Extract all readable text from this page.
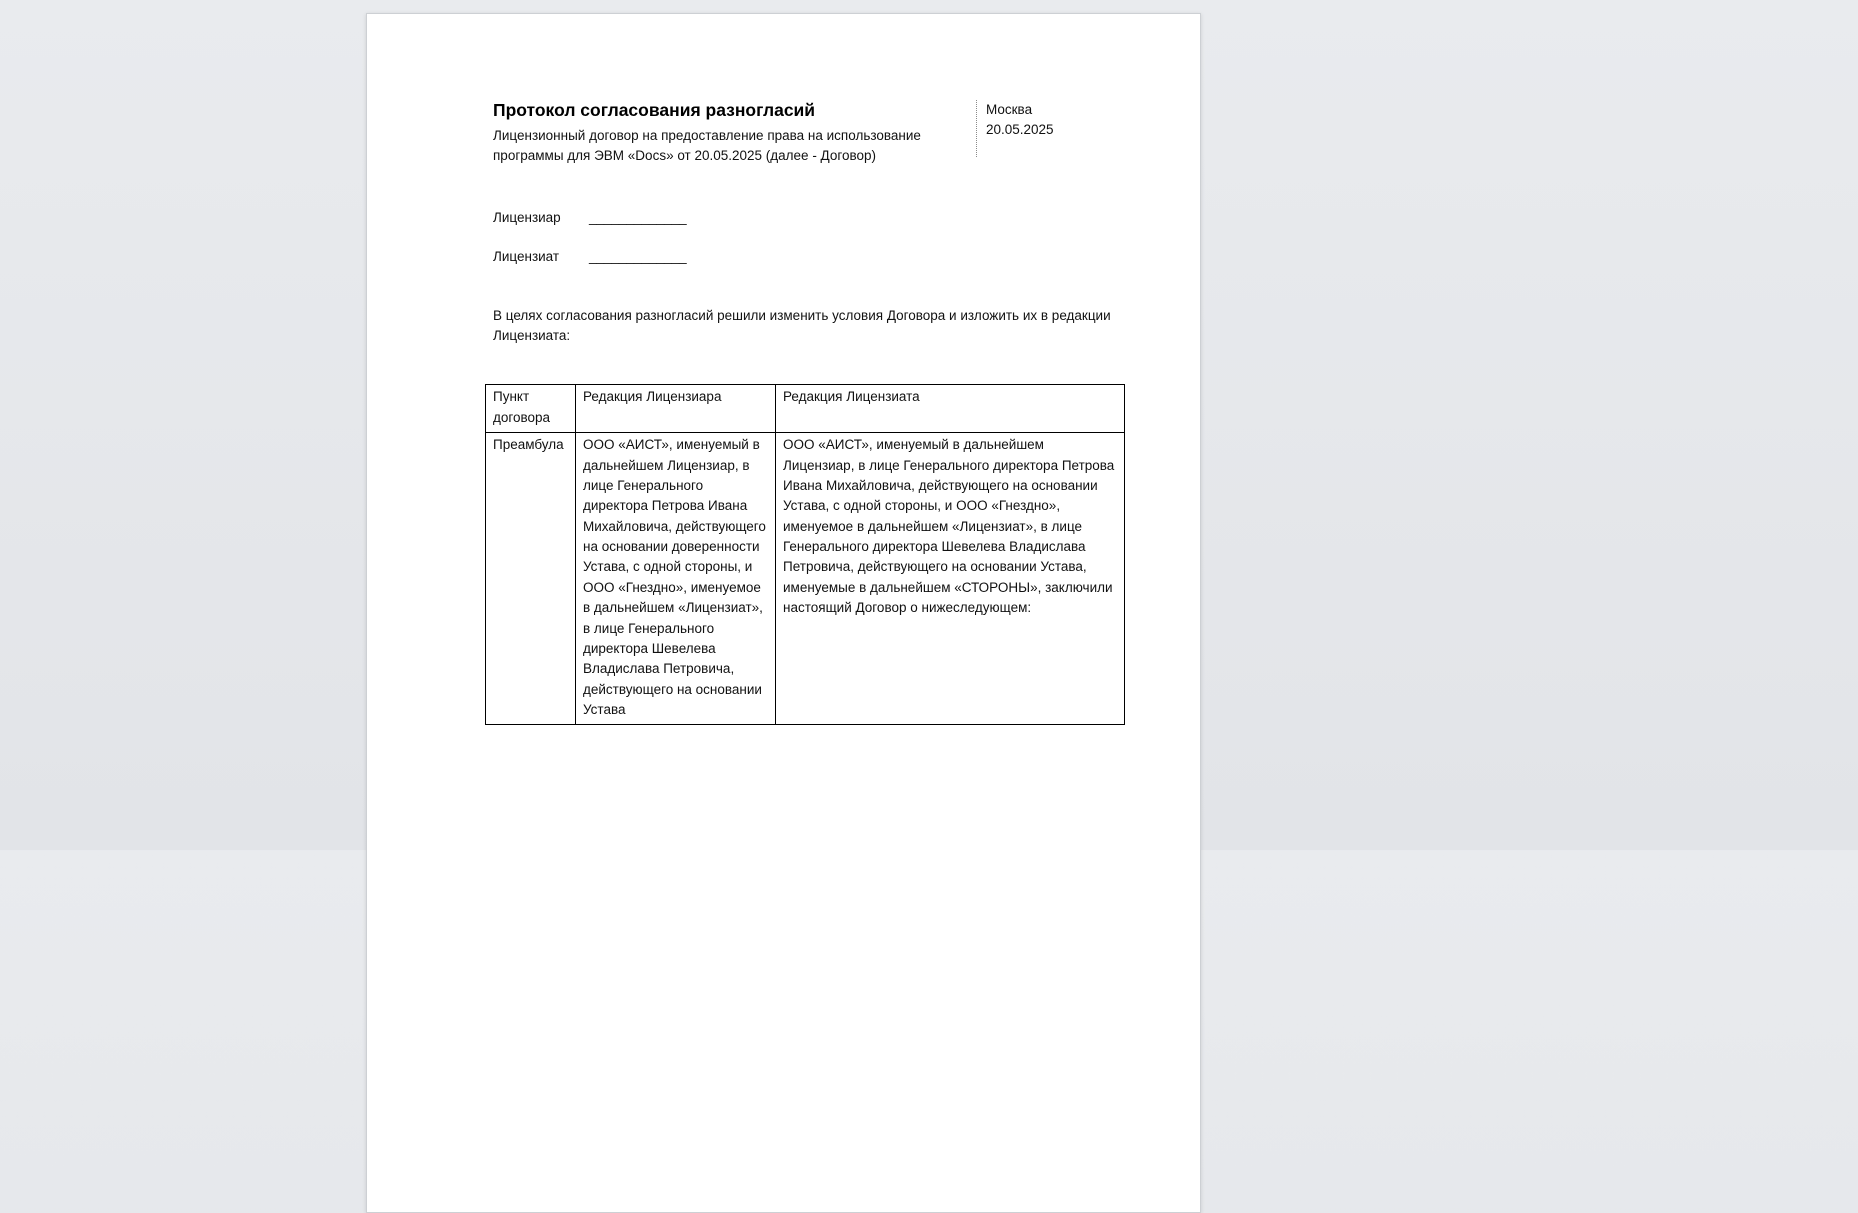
Протокол согласования разногласий

Лицензионный договор на предоставление права на использование программы для ЭВМ «Docs» от 20.05.2025 (далее - Договор)

Москва
20.05.2025
Лицензиар _____________
Лицензиат _____________

В целях согласования разногласий решили изменить условия Договора и изложить их в редакции Лицензиата:

Пункт договора	Редакция Лицензиара	Редакция Лицензиата
Преамбула	ООО «АИСТ», именуемый в дальнейшем Лицензиар, в лице Генерального директора Петрова Ивана Михайловича, действующего на основании доверенности Устава, с одной стороны, и ООО «Гнездно», именуемое в дальнейшем «Лицензиат», в лице Генерального директора Шевелева Владислава Петровича, действующего на основании Устава	ООО «АИСТ», именуемый в дальнейшем Лицензиар, в лице Генерального директора Петрова Ивана Михайловича, действующего на основании Устава, с одной стороны, и ООО «Гнездно», именуемое в дальнейшем «Лицензиат», в лице Генерального директора Шевелева Владислава Петровича, действующего на основании Устава, именуемые в дальнейшем «СТОРОНЫ», заключили настоящий Договор о нижеследующем:
